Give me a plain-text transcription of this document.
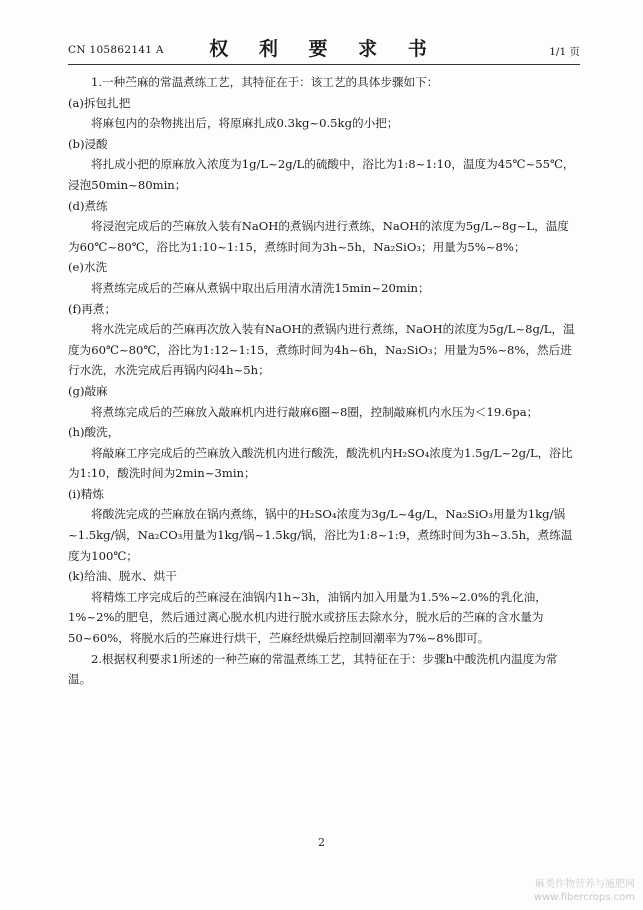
CN 105862141 A	权 利 要 求 书	1/1 页

1.一种苎麻的常温煮练工艺，其特征在于：该工艺的具体步骤如下：

(a)拆包扎把

将麻包内的杂物挑出后，将原麻扎成0.3kg~0.5kg的小把；

(b)浸酸

将扎成小把的原麻放入浓度为1g/L~2g/L的硫酸中，浴比为1:8~1:10，温度为45℃~55℃，浸泡50min~80min；

(d)煮练

将浸泡完成后的苎麻放入装有NaOH的煮锅内进行煮练，NaOH的浓度为5g/L~8g~L，温度为60℃~80℃，浴比为1:10~1:15，煮练时间为3h~5h，Na₂SiO₃；用量为5%~8%；

(e)水洗

将煮练完成后的苎麻从煮锅中取出后用清水清洗15min~20min；

(f)再煮；

将水洗完成后的苎麻再次放入装有NaOH的煮锅内进行煮练，NaOH的浓度为5g/L~8g/L，温度为60℃~80℃，浴比为1:12~1:15，煮练时间为4h~6h，Na₂SiO₃；用量为5%~8%，然后进行水洗，水洗完成后再锅内闷4h~5h；

(g)敲麻

将煮练完成后的苎麻放入敲麻机内进行敲麻6圈~8圈，控制敲麻机内水压为＜19.6pa；

(h)酸洗，

将敲麻工序完成后的苎麻放入酸洗机内进行酸洗，酸洗机内H₂SO₄浓度为1.5g/L~2g/L，浴比为1:10，酸洗时间为2min~3min；

(i)精炼

将酸洗完成的苎麻放在锅内煮练，锅中的H₂SO₄浓度为3g/L~4g/L，Na₂SiO₃用量为1kg/锅~1.5kg/锅，Na₂CO₃用量为1kg/锅~1.5kg/锅，浴比为1:8~1:9，煮练时间为3h~3.5h，煮练温度为100℃；

(k)给油、脱水、烘干

将精炼工序完成后的苎麻浸在油锅内1h~3h，油锅内加入用量为1.5%~2.0%的乳化油，1%~2%的肥皂，然后通过离心脱水机内进行脱水或挤压去除水分，脱水后的苎麻的含水量为50~60%，将脱水后的苎麻进行烘干，苎麻经烘燥后控制回潮率为7%~8%即可。

2.根据权利要求1所述的一种苎麻的常温煮练工艺，其特征在于：步骤h中酸洗机内温度为常温。

2
麻类作物营养与施肥网
www.fibercrops.com
